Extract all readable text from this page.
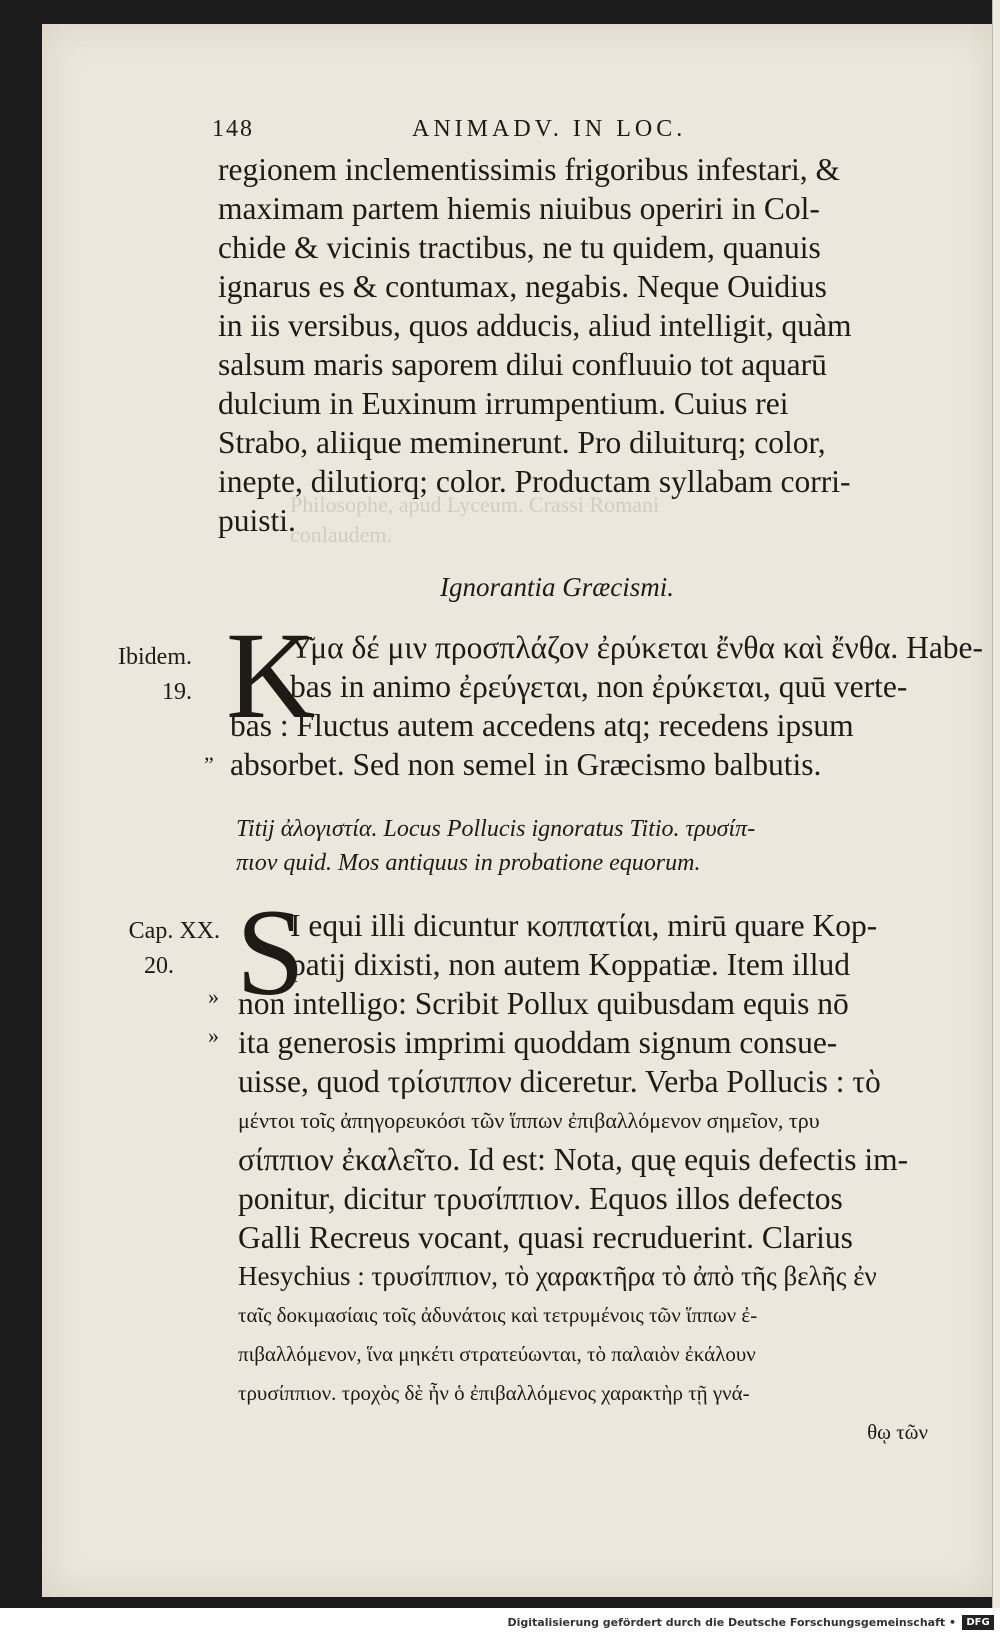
Philosophe, apud Lyceum. Crassi Romani
conlaudem.
148	ANIMADV. IN LOC.
regionem inclementissimis frigoribus infestari, &
maximam partem hiemis niuibus operiri in Col-
chide & vicinis tractibus, ne tu quidem, quanuis
ignarus es & contumax, negabis. Neque Ouidius
in iis versibus, quos adducis, aliud intelligit, quàm
salsum maris saporem dilui confluuio tot aquarū
dulcium in Euxinum irrumpentium. Cuius rei
Strabo, aliique meminerunt. Pro diluiturq; color,
inepte, dilutiorq; color. Productam syllabam corri-
puisti.
Ignorantia Græcismi.
Ibidem.
19. K
Υ͂μα δέ μιν προσπλάζον ἐρύκεται ἔνθα καὶ ἔνθα. Habe-
bas in animo ἐρεύγεται, non ἐρύκεται, quū verte-
bas : Fluctus autem accedens atq; recedens ipsum
absorbet. Sed non semel in Græcismo balbutis.
”
Titij ἀλογιστία. Locus Pollucis ignoratus Titio. τρυσίπ-
πιον quid. Mos antiquus in probatione equorum.
Cap. XX.
20. S
I equi illi dicuntur κοππατίαι, mirū quare Kop-
patij dixisti, non autem Koppatiæ. Item illud
non intelligo: Scribit Pollux quibusdam equis nō
ita generosis imprimi quoddam signum consue-
uisse, quod τρίσιππον diceretur. Verba Pollucis : τὸ
μέντοι τοῖς ἀπηγορευκόσι τῶν ἵππων ἐπιβαλλόμενον σημεῖον, τρυ
σίππιον ἐκαλεῖτο. Id est: Nota, quę equis defectis im-
ponitur, dicitur τρυσίππιον. Equos illos defectos
Galli Recreus vocant, quasi recruduerint. Clarius
Hesychius : τρυσίππιον, τὸ χαρακτῆρα τὸ ἀπὸ τῆς βελῆς ἐν
ταῖς δοκιμασίαις τοῖς ἀδυνάτοις καὶ τετρυμένοις τῶν ἵππων ἐ-
πιβαλλόμενον, ἵνα μηκέτι στρατεύωνται, τὸ παλαιὸν ἐκάλουν
τρυσίππιον. τροχὸς δὲ ἦν ὁ ἐπιβαλλόμενος χαρακτὴρ τῇ γνά-
θῳ τῶν
»
»
Digitalisierung gefördert durch die Deutsche Forschungsgemeinschaft •	DFG
